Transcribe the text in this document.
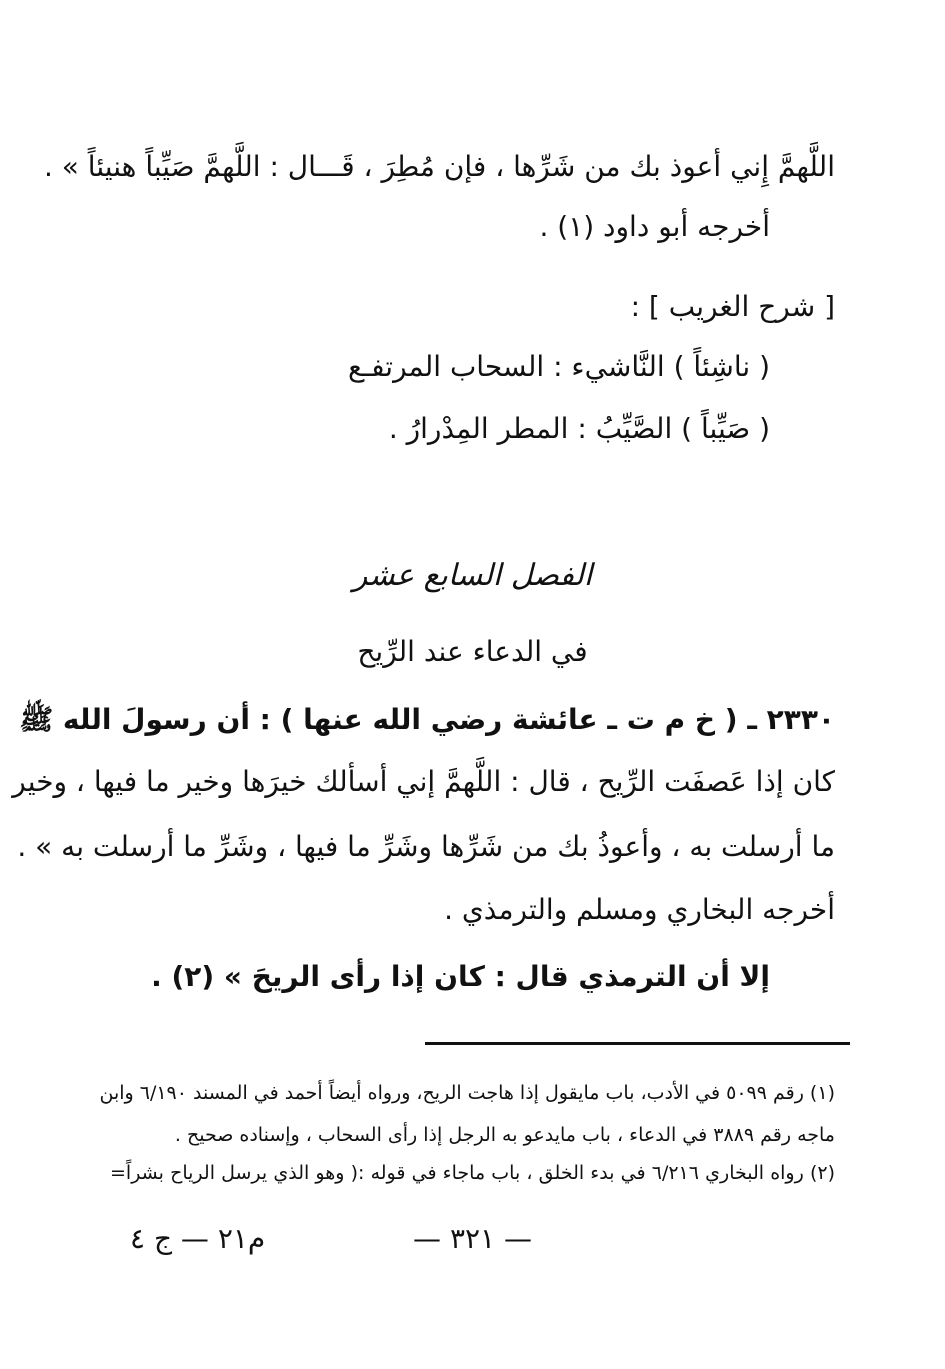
اللَّهمَّ إِني أعوذ بك من شَرِّها ، فإن مُطِرَ ، قَـــال : اللَّهمَّ صَيِّباً هنيئاً » .
أخرجه أبو داود (١) .
[ شرح الغريب ] :
( ناشِئاً ) النَّاشيء : السحاب المرتفـع
( صَيِّباً ) الصَّيِّبُ : المطر المِدْرارُ .
الفصل السابع عشر
في الدعاء عند الرِّيح
٢٣٣٠ ـ ( خ م ت ـ عائشة رضي الله عنها ) : أن رسولَ الله ﷺ
كان إذا عَصفَت الرِّيح ، قال : اللَّهمَّ إني أسألك خيرَها وخير ما فيها ، وخير
ما أرسلت به ، وأعوذُ بك من شَرِّها وشَرِّ ما فيها ، وشَرِّ ما أرسلت به » .
أخرجه البخاري ومسلم والترمذي .
إلا أن الترمذي قال : كان إذا رأى الريحَ » (٢) .
(١) رقم ٥٠٩٩ في الأدب، باب مايقول إذا هاجت الريح، ورواه أيضاً أحمد في المسند ٦/١٩٠ وابن
ماجه رقم ٣٨٨٩ في الدعاء ، باب مايدعو به الرجل إذا رأى السحاب ، وإسناده صحيح .
(٢) رواه البخاري ٦/٢١٦ في بدء الخلق ، باب ماجاء في قوله :( وهو الذي يرسل الرياح بشراً=
— ٣٢١ —
م٢١ — ج ٤
